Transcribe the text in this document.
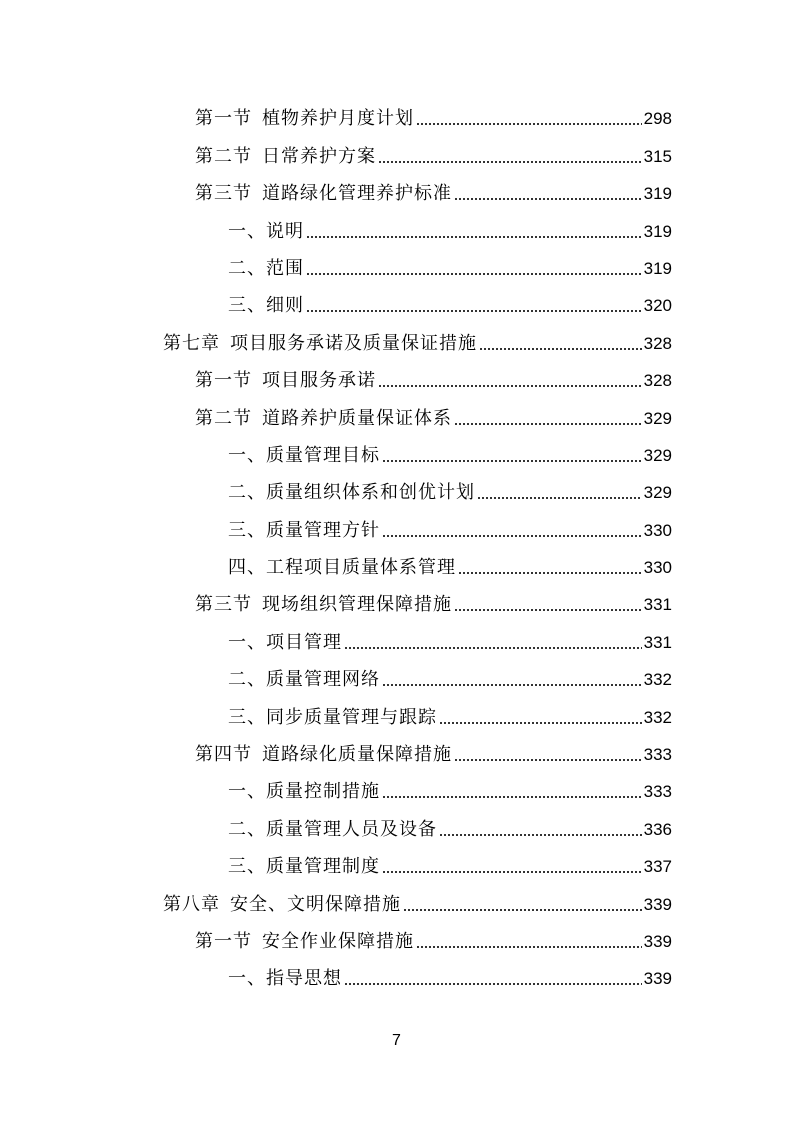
第一节 植物养护月度计划	298
第二节 日常养护方案	315
第三节 道路绿化管理养护标准	319
一、说明	319
二、范围	319
三、细则	320
第七章 项目服务承诺及质量保证措施	328
第一节 项目服务承诺	328
第二节 道路养护质量保证体系	329
一、质量管理目标	329
二、质量组织体系和创优计划	329
三、质量管理方针	330
四、工程项目质量体系管理	330
第三节 现场组织管理保障措施	331
一、项目管理	331
二、质量管理网络	332
三、同步质量管理与跟踪	332
第四节 道路绿化质量保障措施	333
一、质量控制措施	333
二、质量管理人员及设备	336
三、质量管理制度	337
第八章 安全、文明保障措施	339
第一节 安全作业保障措施	339
一、指导思想	339
7
